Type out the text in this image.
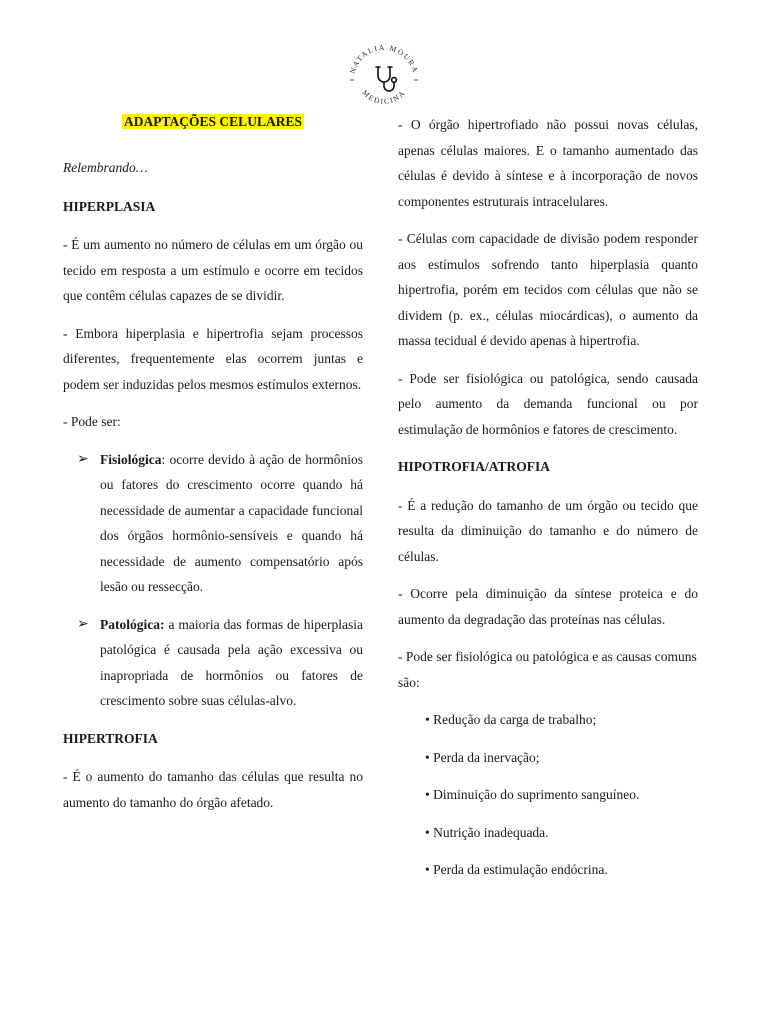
NATALIA MOURA
MEDICINA
ADAPTAÇÕES CELULARES

Relembrando…

HIPERPLASIA

- É um aumento no número de células em um órgão ou tecido em resposta a um estímulo e ocorre em tecidos que contêm células capazes de se dividir.

- Embora hiperplasia e hipertrofia sejam processos diferentes, frequentemente elas ocorrem juntas e podem ser induzidas pelos mesmos estímulos externos.

- Pode ser:

➢ Fisiológica: ocorre devido à ação de hormônios ou fatores do crescimento ocorre quando há necessidade de aumentar a capacidade funcional dos órgãos hormônio-sensíveis e quando há necessidade de aumento compensatório após lesão ou ressecção.

➢ Patológica: a maioria das formas de hiperplasia patológica é causada pela ação excessiva ou inapropriada de hormônios ou fatores de crescimento sobre suas células-alvo.

HIPERTROFIA

- É o aumento do tamanho das células que resulta no aumento do tamanho do órgão afetado.

- O órgão hipertrofiado não possui novas células, apenas células maiores. E o tamanho aumentado das células é devido à síntese e à incorporação de novos componentes estruturais intracelulares.

- Células com capacidade de divisão podem responder aos estímulos sofrendo tanto hiperplasia quanto hipertrofia, porém em tecidos com células que não se dividem (p. ex., células miocárdicas), o aumento da massa tecidual é devido apenas à hipertrofia.

- Pode ser fisiológica ou patológica, sendo causada pelo aumento da demanda funcional ou por estimulação de hormônios e fatores de crescimento.

HIPOTROFIA/ATROFIA

- É a redução do tamanho de um órgão ou tecido que resulta da diminuição do tamanho e do número de células.

- Ocorre pela diminuição da síntese proteica e do aumento da degradação das proteínas nas células.

- Pode ser fisiológica ou patológica e as causas comuns são:

• Redução da carga de trabalho;

• Perda da inervação;

• Diminuição do suprimento sanguíneo.

• Nutrição inadequada.

• Perda da estimulação endócrina.
